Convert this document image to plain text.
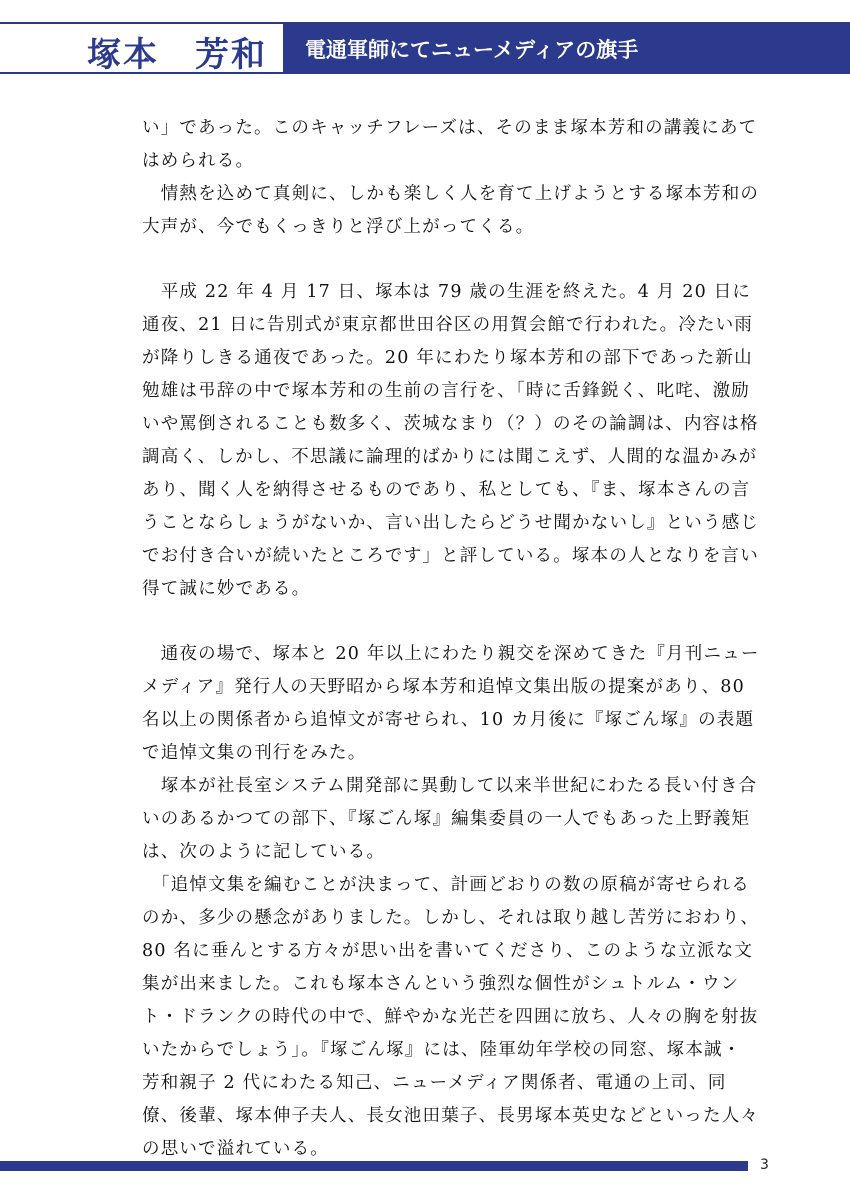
塚本　芳和 電通軍師にてニューメディアの旗手

い」であった。このキャッチフレーズは、そのまま塚本芳和の講義にあてはめられる。

　情熱を込めて真剣に、しかも楽しく人を育て上げようとする塚本芳和の大声が、今でもくっきりと浮び上がってくる。

　平成 22 年 4 月 17 日、塚本は 79 歳の生涯を終えた。4 月 20 日に通夜、21 日に告別式が東京都世田谷区の用賀会館で行われた。冷たい雨が降りしきる通夜であった。20 年にわたり塚本芳和の部下であった新山勉雄は弔辞の中で塚本芳和の生前の言行を、「時に舌鋒鋭く、叱咤、激励いや罵倒されることも数多く、茨城なまり（？）のその論調は、内容は格調高く、しかし、不思議に論理的ばかりには聞こえず、人間的な温かみがあり、聞く人を納得させるものであり、私としても、『ま、塚本さんの言うことならしょうがないか、言い出したらどうせ聞かないし』という感じでお付き合いが続いたところです」と評している。塚本の人となりを言い得て誠に妙である。

　通夜の場で、塚本と 20 年以上にわたり親交を深めてきた『月刊ニューメディア』発行人の天野昭から塚本芳和追悼文集出版の提案があり、80 名以上の関係者から追悼文が寄せられ、10 カ月後に『塚ごん塚』の表題で追悼文集の刊行をみた。

　塚本が社長室システム開発部に異動して以来半世紀にわたる長い付き合いのあるかつての部下、『塚ごん塚』編集委員の一人でもあった上野義矩は、次のように記している。

　「追悼文集を編むことが決まって、計画どおりの数の原稿が寄せられるのか、多少の懸念がありました。しかし、それは取り越し苦労におわり、80 名に垂んとする方々が思い出を書いてくださり、このような立派な文集が出来ました。これも塚本さんという強烈な個性がシュトルム・ウント・ドランクの時代の中で、鮮やかな光芒を四囲に放ち、人々の胸を射抜いたからでしょう」。『塚ごん塚』には、陸軍幼年学校の同窓、塚本誠・芳和親子 2 代にわたる知己、ニューメディア関係者、電通の上司、同僚、後輩、塚本伸子夫人、長女池田葉子、長男塚本英史などといった人々の思いで溢れている。

3
